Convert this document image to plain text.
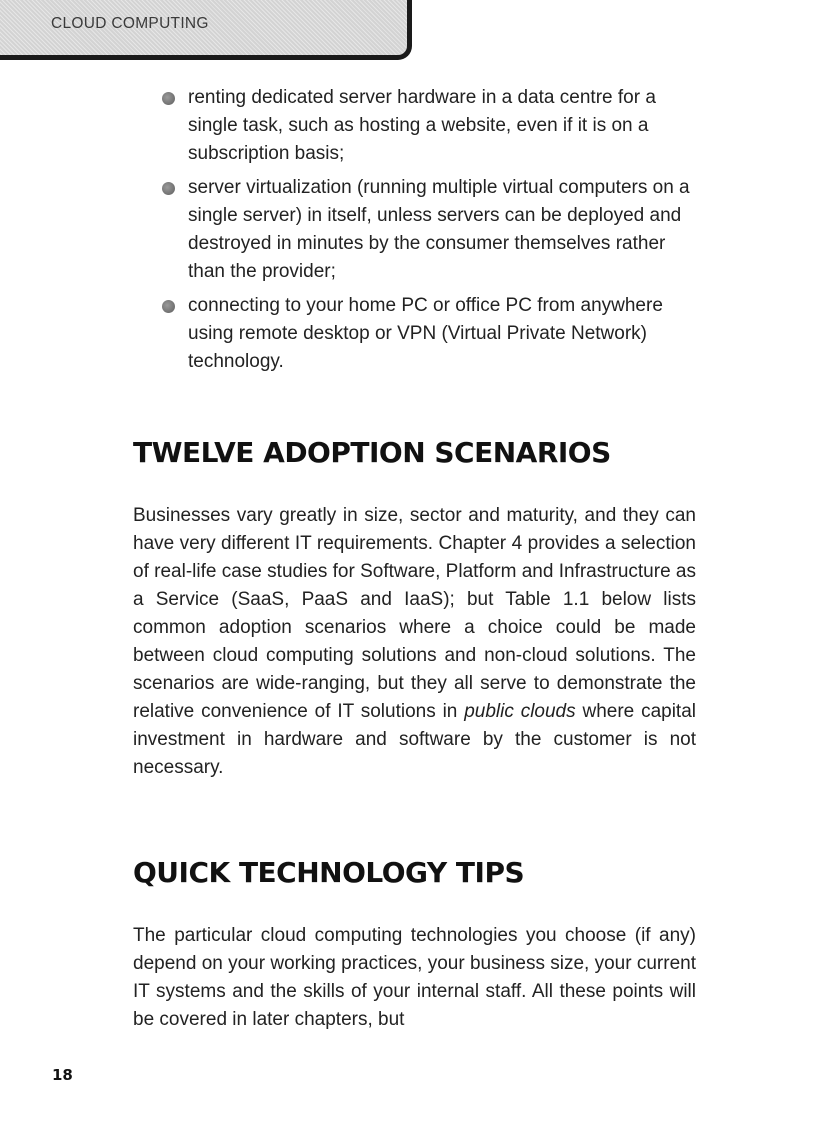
CLOUD COMPUTING
renting dedicated server hardware in a data centre for a single task, such as hosting a website, even if it is on a subscription basis;
server virtualization (running multiple virtual computers on a single server) in itself, unless servers can be deployed and destroyed in minutes by the consumer themselves rather than the provider;
connecting to your home PC or office PC from anywhere using remote desktop or VPN (Virtual Private Network) technology.
TWELVE ADOPTION SCENARIOS

Businesses vary greatly in size, sector and maturity, and they can have very different IT requirements. Chapter 4 provides a selection of real-life case studies for Software, Platform and Infrastructure as a Service (SaaS, PaaS and IaaS); but Table 1.1 below lists common adoption scenarios where a choice could be made between cloud computing solutions and non-cloud solutions. The scenarios are wide-ranging, but they all serve to demonstrate the relative convenience of IT solutions in public clouds where capital investment in hardware and software by the customer is not necessary.

QUICK TECHNOLOGY TIPS

The particular cloud computing technologies you choose (if any) depend on your working practices, your business size, your current IT systems and the skills of your internal staff. All these points will be covered in later chapters, but

18
